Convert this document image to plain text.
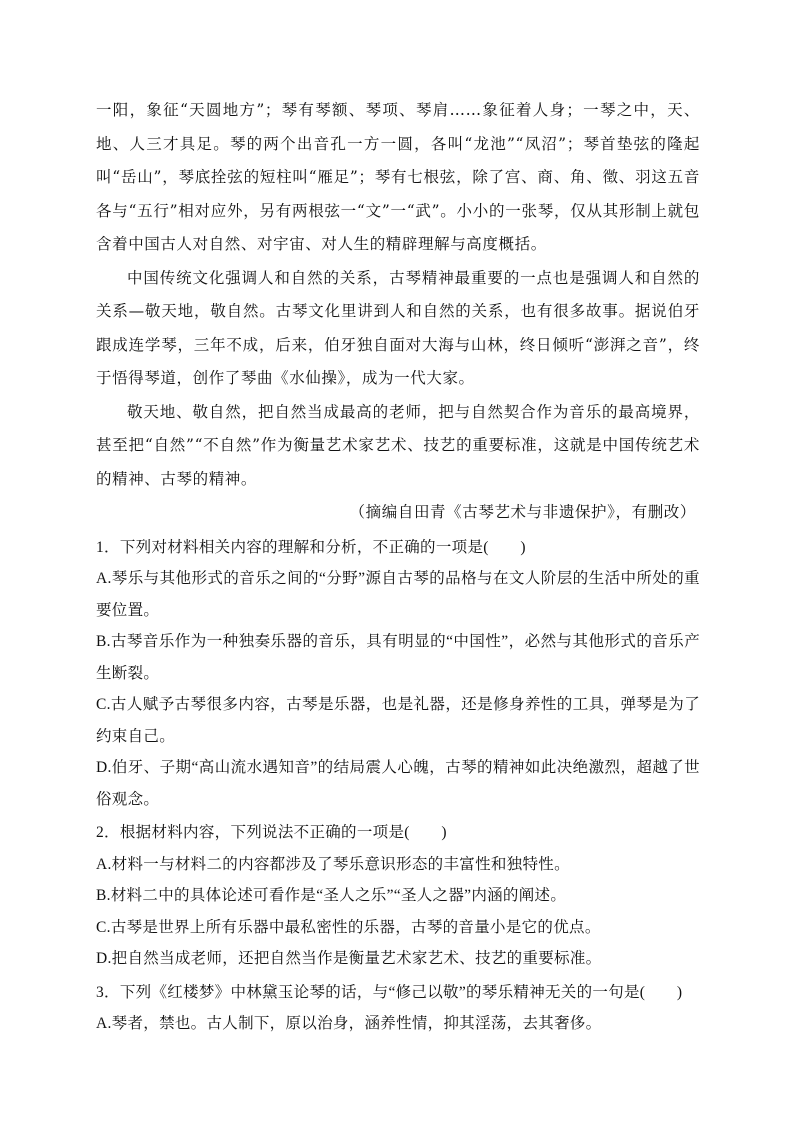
一阳，象征“天圆地方”；琴有琴额、琴项、琴肩……象征着人身；一琴之中，天、地、人三才具足。琴的两个出音孔一方一圆，各叫“龙池”“凤沼”；琴首垫弦的隆起叫“岳山”，琴底拴弦的短柱叫“雁足”；琴有七根弦，除了宫、商、角、徵、羽这五音各与“五行”相对应外，另有两根弦一“文”一“武”。小小的一张琴，仅从其形制上就包含着中国古人对自然、对宇宙、对人生的精辟理解与高度概括。

中国传统文化强调人和自然的关系，古琴精神最重要的一点也是强调人和自然的关系—敬天地，敬自然。古琴文化里讲到人和自然的关系，也有很多故事。据说伯牙跟成连学琴，三年不成，后来，伯牙独自面对大海与山林，终日倾听“澎湃之音”，终于悟得琴道，创作了琴曲《水仙操》，成为一代大家。

敬天地、敬自然，把自然当成最高的老师，把与自然契合作为音乐的最高境界，甚至把“自然”“不自然”作为衡量艺术家艺术、技艺的重要标准，这就是中国传统艺术的精神、古琴的精神。

（摘编自田青《古琴艺术与非遗保护》，有删改）

1．下列对材料相关内容的理解和分析，不正确的一项是(　　)

A.琴乐与其他形式的音乐之间的“分野”源自古琴的品格与在文人阶层的生活中所处的重要位置。

B.古琴音乐作为一种独奏乐器的音乐，具有明显的“中国性”，必然与其他形式的音乐产生断裂。

C.古人赋予古琴很多内容，古琴是乐器，也是礼器，还是修身养性的工具，弹琴是为了约束自己。

D.伯牙、子期“高山流水遇知音”的结局震人心魄，古琴的精神如此决绝激烈，超越了世俗观念。

2．根据材料内容，下列说法不正确的一项是(　　)

A.材料一与材料二的内容都涉及了琴乐意识形态的丰富性和独特性。

B.材料二中的具体论述可看作是“圣人之乐”“圣人之器”内涵的阐述。

C.古琴是世界上所有乐器中最私密性的乐器，古琴的音量小是它的优点。

D.把自然当成老师，还把自然当作是衡量艺术家艺术、技艺的重要标准。

3．下列《红楼梦》中林黛玉论琴的话，与“修己以敬”的琴乐精神无关的一句是(　　)

A.琴者，禁也。古人制下，原以治身，涵养性情，抑其淫荡，去其奢侈。
